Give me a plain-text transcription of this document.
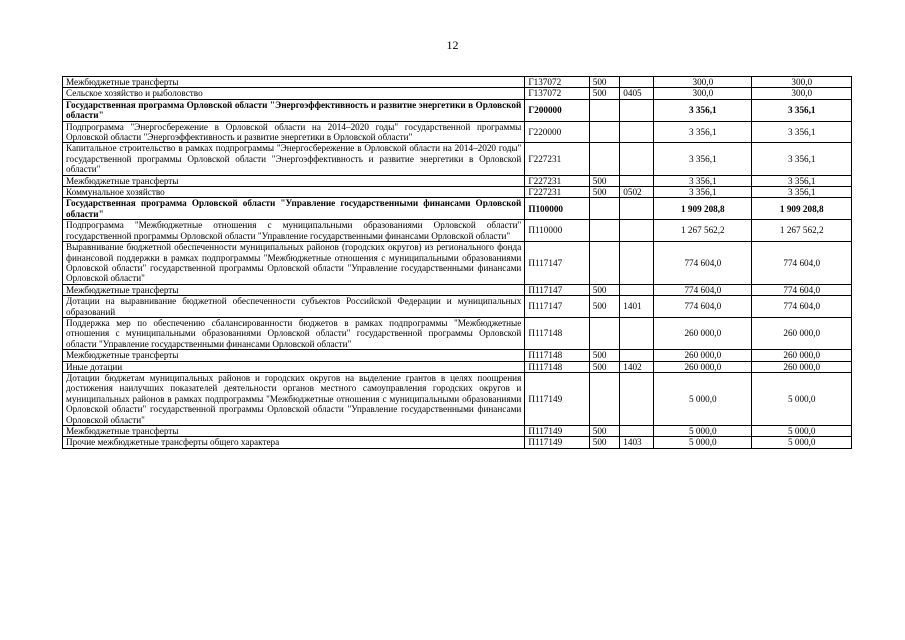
12
Межбюджетные трансферты	Г137072	500		300,0	300,0
Сельское хозяйство и рыболовство	Г137072	500	0405	300,0	300,0
Государственная программа Орловской области "Энергоэффективность и развитие энергетики в Орловской области"	Г200000			3 356,1	3 356,1
Подпрограмма "Энергосбережение в Орловской области на 2014–2020 годы" государственной программы Орловской области "Энергоэффективность и развитие энергетики в Орловской области"	Г220000			3 356,1	3 356,1
Капитальное строительство в рамках подпрограммы "Энергосбережение в Орловской области на 2014–2020 годы" государственной программы Орловской области "Энергоэффективность и развитие энергетики в Орловской области"	Г227231			3 356,1	3 356,1
Межбюджетные трансферты	Г227231	500		3 356,1	3 356,1
Коммунальное хозяйство	Г227231	500	0502	3 356,1	3 356,1
Государственная программа Орловской области "Управление государственными финансами Орловской области"	П100000			1 909 208,8	1 909 208,8
Подпрограмма "Межбюджетные отношения с муниципальными образованиями Орловской области" государственной программы Орловской области "Управление государственными финансами Орловской области"	П110000			1 267 562,2	1 267 562,2
Выравнивание бюджетной обеспеченности муниципальных районов (городских округов) из регионального фонда финансовой поддержки в рамках подпрограммы "Межбюджетные отношения с муниципальными образованиями Орловской области" государственной программы Орловской области "Управление государственными финансами Орловской области"	П117147			774 604,0	774 604,0
Межбюджетные трансферты	П117147	500		774 604,0	774 604,0
Дотации на выравнивание бюджетной обеспеченности субъектов Российской Федерации и муниципальных образований	П117147	500	1401	774 604,0	774 604,0
Поддержка мер по обеспечению сбалансированности бюджетов в рамках подпрограммы "Межбюджетные отношения с муниципальными образованиями Орловской области" государственной программы Орловской области "Управление государственными финансами Орловской области"	П117148			260 000,0	260 000,0
Межбюджетные трансферты	П117148	500		260 000,0	260 000,0
Иные дотации	П117148	500	1402	260 000,0	260 000,0
Дотации бюджетам муниципальных районов и городских округов на выделение грантов в целях поощрения достижения наилучших показателей деятельности органов местного самоуправления городских округов и муниципальных районов в рамках подпрограммы "Межбюджетные отношения с муниципальными образованиями Орловской области" государственной программы Орловской области "Управление государственными финансами Орловской области"	П117149			5 000,0	5 000,0
Межбюджетные трансферты	П117149	500		5 000,0	5 000,0
Прочие межбюджетные трансферты общего характера	П117149	500	1403	5 000,0	5 000,0
